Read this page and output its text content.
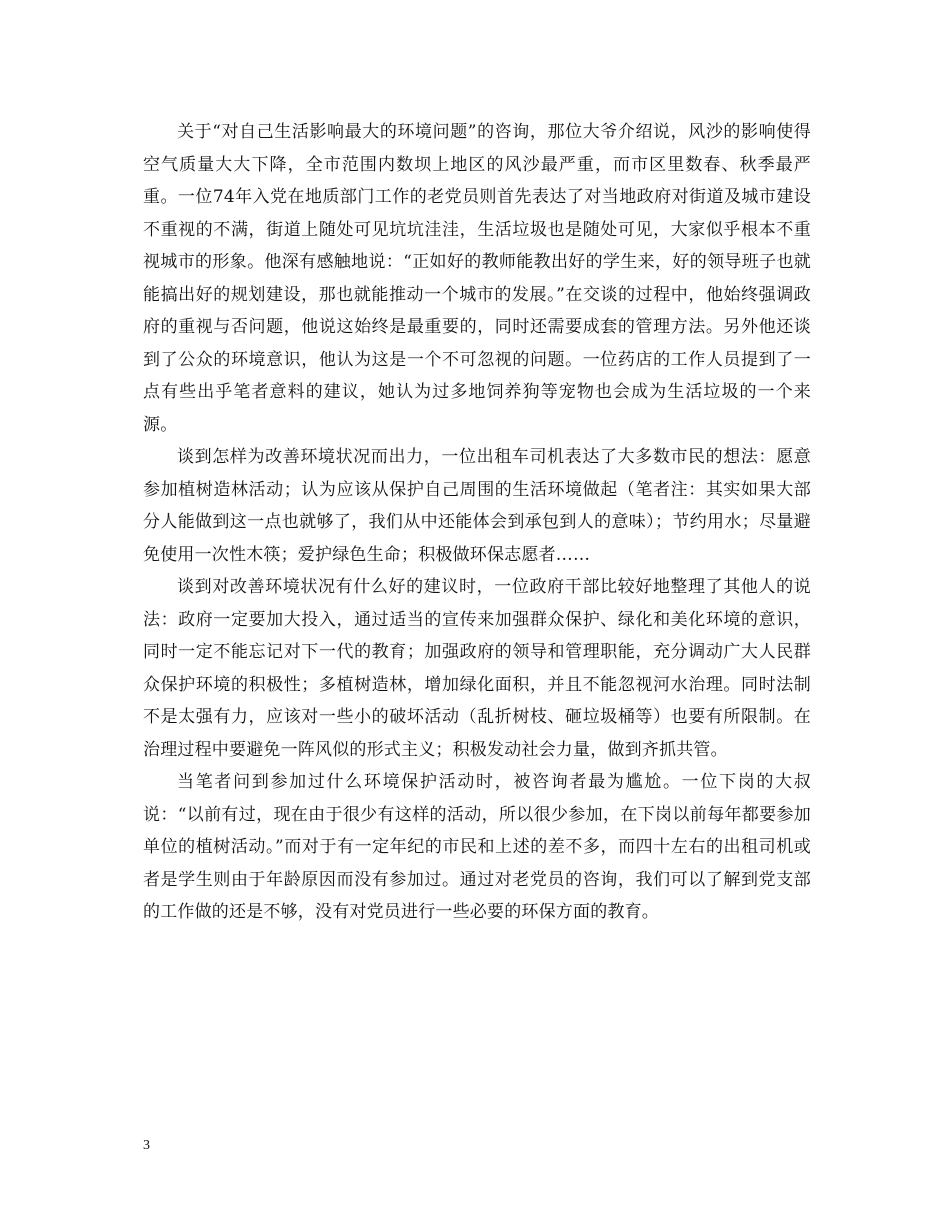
关于“对自己生活影响最大的环境问题”的咨询，那位大爷介绍说，风沙的影响使得空气质量大大下降，全市范围内数坝上地区的风沙最严重，而市区里数春、秋季最严重。一位74年入党在地质部门工作的老党员则首先表达了对当地政府对街道及城市建设不重视的不满，街道上随处可见坑坑洼洼，生活垃圾也是随处可见，大家似乎根本不重视城市的形象。他深有感触地说：“正如好的教师能教出好的学生来，好的领导班子也就能搞出好的规划建设，那也就能推动一个城市的发展。”在交谈的过程中，他始终强调政府的重视与否问题，他说这始终是最重要的，同时还需要成套的管理方法。另外他还谈到了公众的环境意识，他认为这是一个不可忽视的问题。一位药店的工作人员提到了一点有些出乎笔者意料的建议，她认为过多地饲养狗等宠物也会成为生活垃圾的一个来源。

谈到怎样为改善环境状况而出力，一位出租车司机表达了大多数市民的想法：愿意参加植树造林活动；认为应该从保护自己周围的生活环境做起（笔者注：其实如果大部分人能做到这一点也就够了，我们从中还能体会到承包到人的意味）；节约用水；尽量避免使用一次性木筷；爱护绿色生命；积极做环保志愿者……

谈到对改善环境状况有什么好的建议时，一位政府干部比较好地整理了其他人的说法：政府一定要加大投入，通过适当的宣传来加强群众保护、绿化和美化环境的意识，同时一定不能忘记对下一代的教育；加强政府的领导和管理职能，充分调动广大人民群众保护环境的积极性；多植树造林，增加绿化面积，并且不能忽视河水治理。同时法制不是太强有力，应该对一些小的破坏活动（乱折树枝、砸垃圾桶等）也要有所限制。在治理过程中要避免一阵风似的形式主义；积极发动社会力量，做到齐抓共管。

当笔者问到参加过什么环境保护活动时，被咨询者最为尴尬。一位下岗的大叔说：“以前有过，现在由于很少有这样的活动，所以很少参加，在下岗以前每年都要参加单位的植树活动。”而对于有一定年纪的市民和上述的差不多，而四十左右的出租司机或者是学生则由于年龄原因而没有参加过。通过对老党员的咨询，我们可以了解到党支部的工作做的还是不够，没有对党员进行一些必要的环保方面的教育。

3
